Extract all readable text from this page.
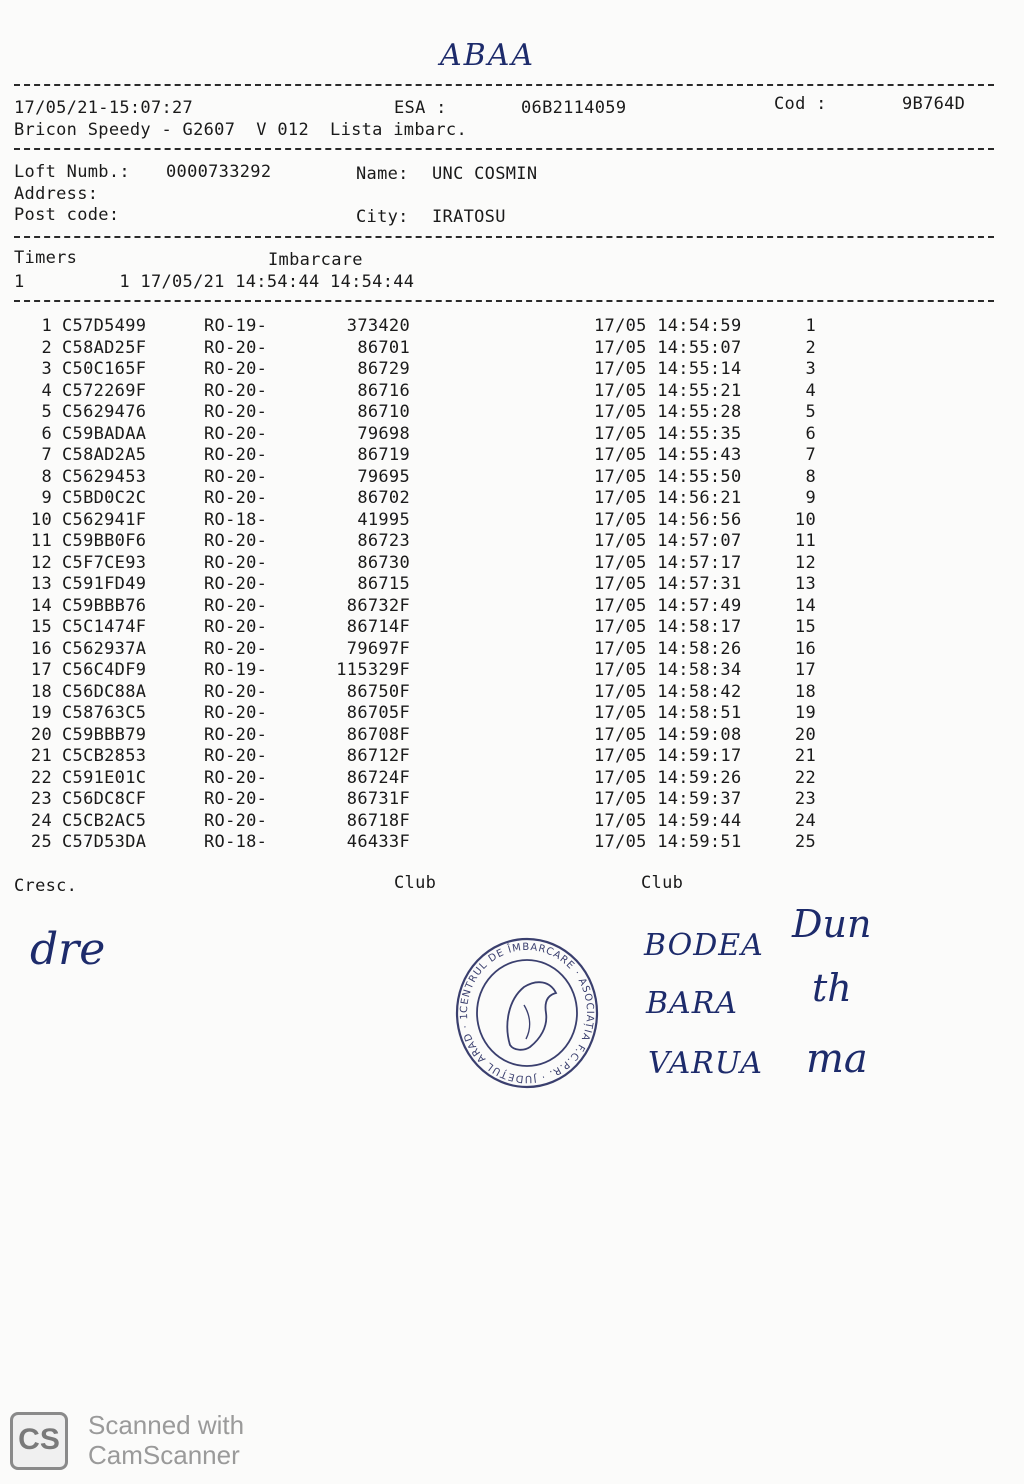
ABAA
17/05/21-15:07:27	ESA :	06B2114059	Cod :	9B764D
Bricon Speedy - G2607  V 012  Lista imbarc.
Loft Numb.: 0000733292	Name: UNC COSMIN
Address:
Post code:	City: IRATOSU
Timers	Imbarcare
1         1 17/05/21 14:54:44 14:54:44
1 C57D5499	RO-19-	373420	17/05 14:54:59	1
2 C58AD25F	RO-20-	86701	17/05 14:55:07	2
3 C50C165F	RO-20-	86729	17/05 14:55:14	3
4 C572269F	RO-20-	86716	17/05 14:55:21	4
5 C5629476	RO-20-	86710	17/05 14:55:28	5
6 C59BADAA	RO-20-	79698	17/05 14:55:35	6
7 C58AD2A5	RO-20-	86719	17/05 14:55:43	7
8 C5629453	RO-20-	79695	17/05 14:55:50	8
9 C5BD0C2C	RO-20-	86702	17/05 14:56:21	9
10 C562941F	RO-18-	41995	17/05 14:56:56	10
11 C59BB0F6	RO-20-	86723	17/05 14:57:07	11
12 C5F7CE93	RO-20-	86730	17/05 14:57:17	12
13 C591FD49	RO-20-	86715	17/05 14:57:31	13
14 C59BBB76	RO-20-	86732F	17/05 14:57:49	14
15 C5C1474F	RO-20-	86714F	17/05 14:58:17	15
16 C562937A	RO-20-	79697F	17/05 14:58:26	16
17 C56C4DF9	RO-19-	115329F	17/05 14:58:34	17
18 C56DC88A	RO-20-	86750F	17/05 14:58:42	18
19 C58763C5	RO-20-	86705F	17/05 14:58:51	19
20 C59BBB79	RO-20-	86708F	17/05 14:59:08	20
21 C5CB2853	RO-20-	86712F	17/05 14:59:17	21
22 C591E01C	RO-20-	86724F	17/05 14:59:26	22
23 C56DC8CF	RO-20-	86731F	17/05 14:59:37	23
24 C5CB2AC5	RO-20-	86718F	17/05 14:59:44	24
25 C57D53DA	RO-18-	46433F	17/05 14:59:51	25
Cresc.	Club	Club
dre	BODEA
BARA
VARUA
Dun
th
ma
CENTRUL DE ÎMBARCARE · ASOCIAȚIA F.C.P.R. · JUDEȚUL ARAD · 1
CS Scanned with
CamScanner
